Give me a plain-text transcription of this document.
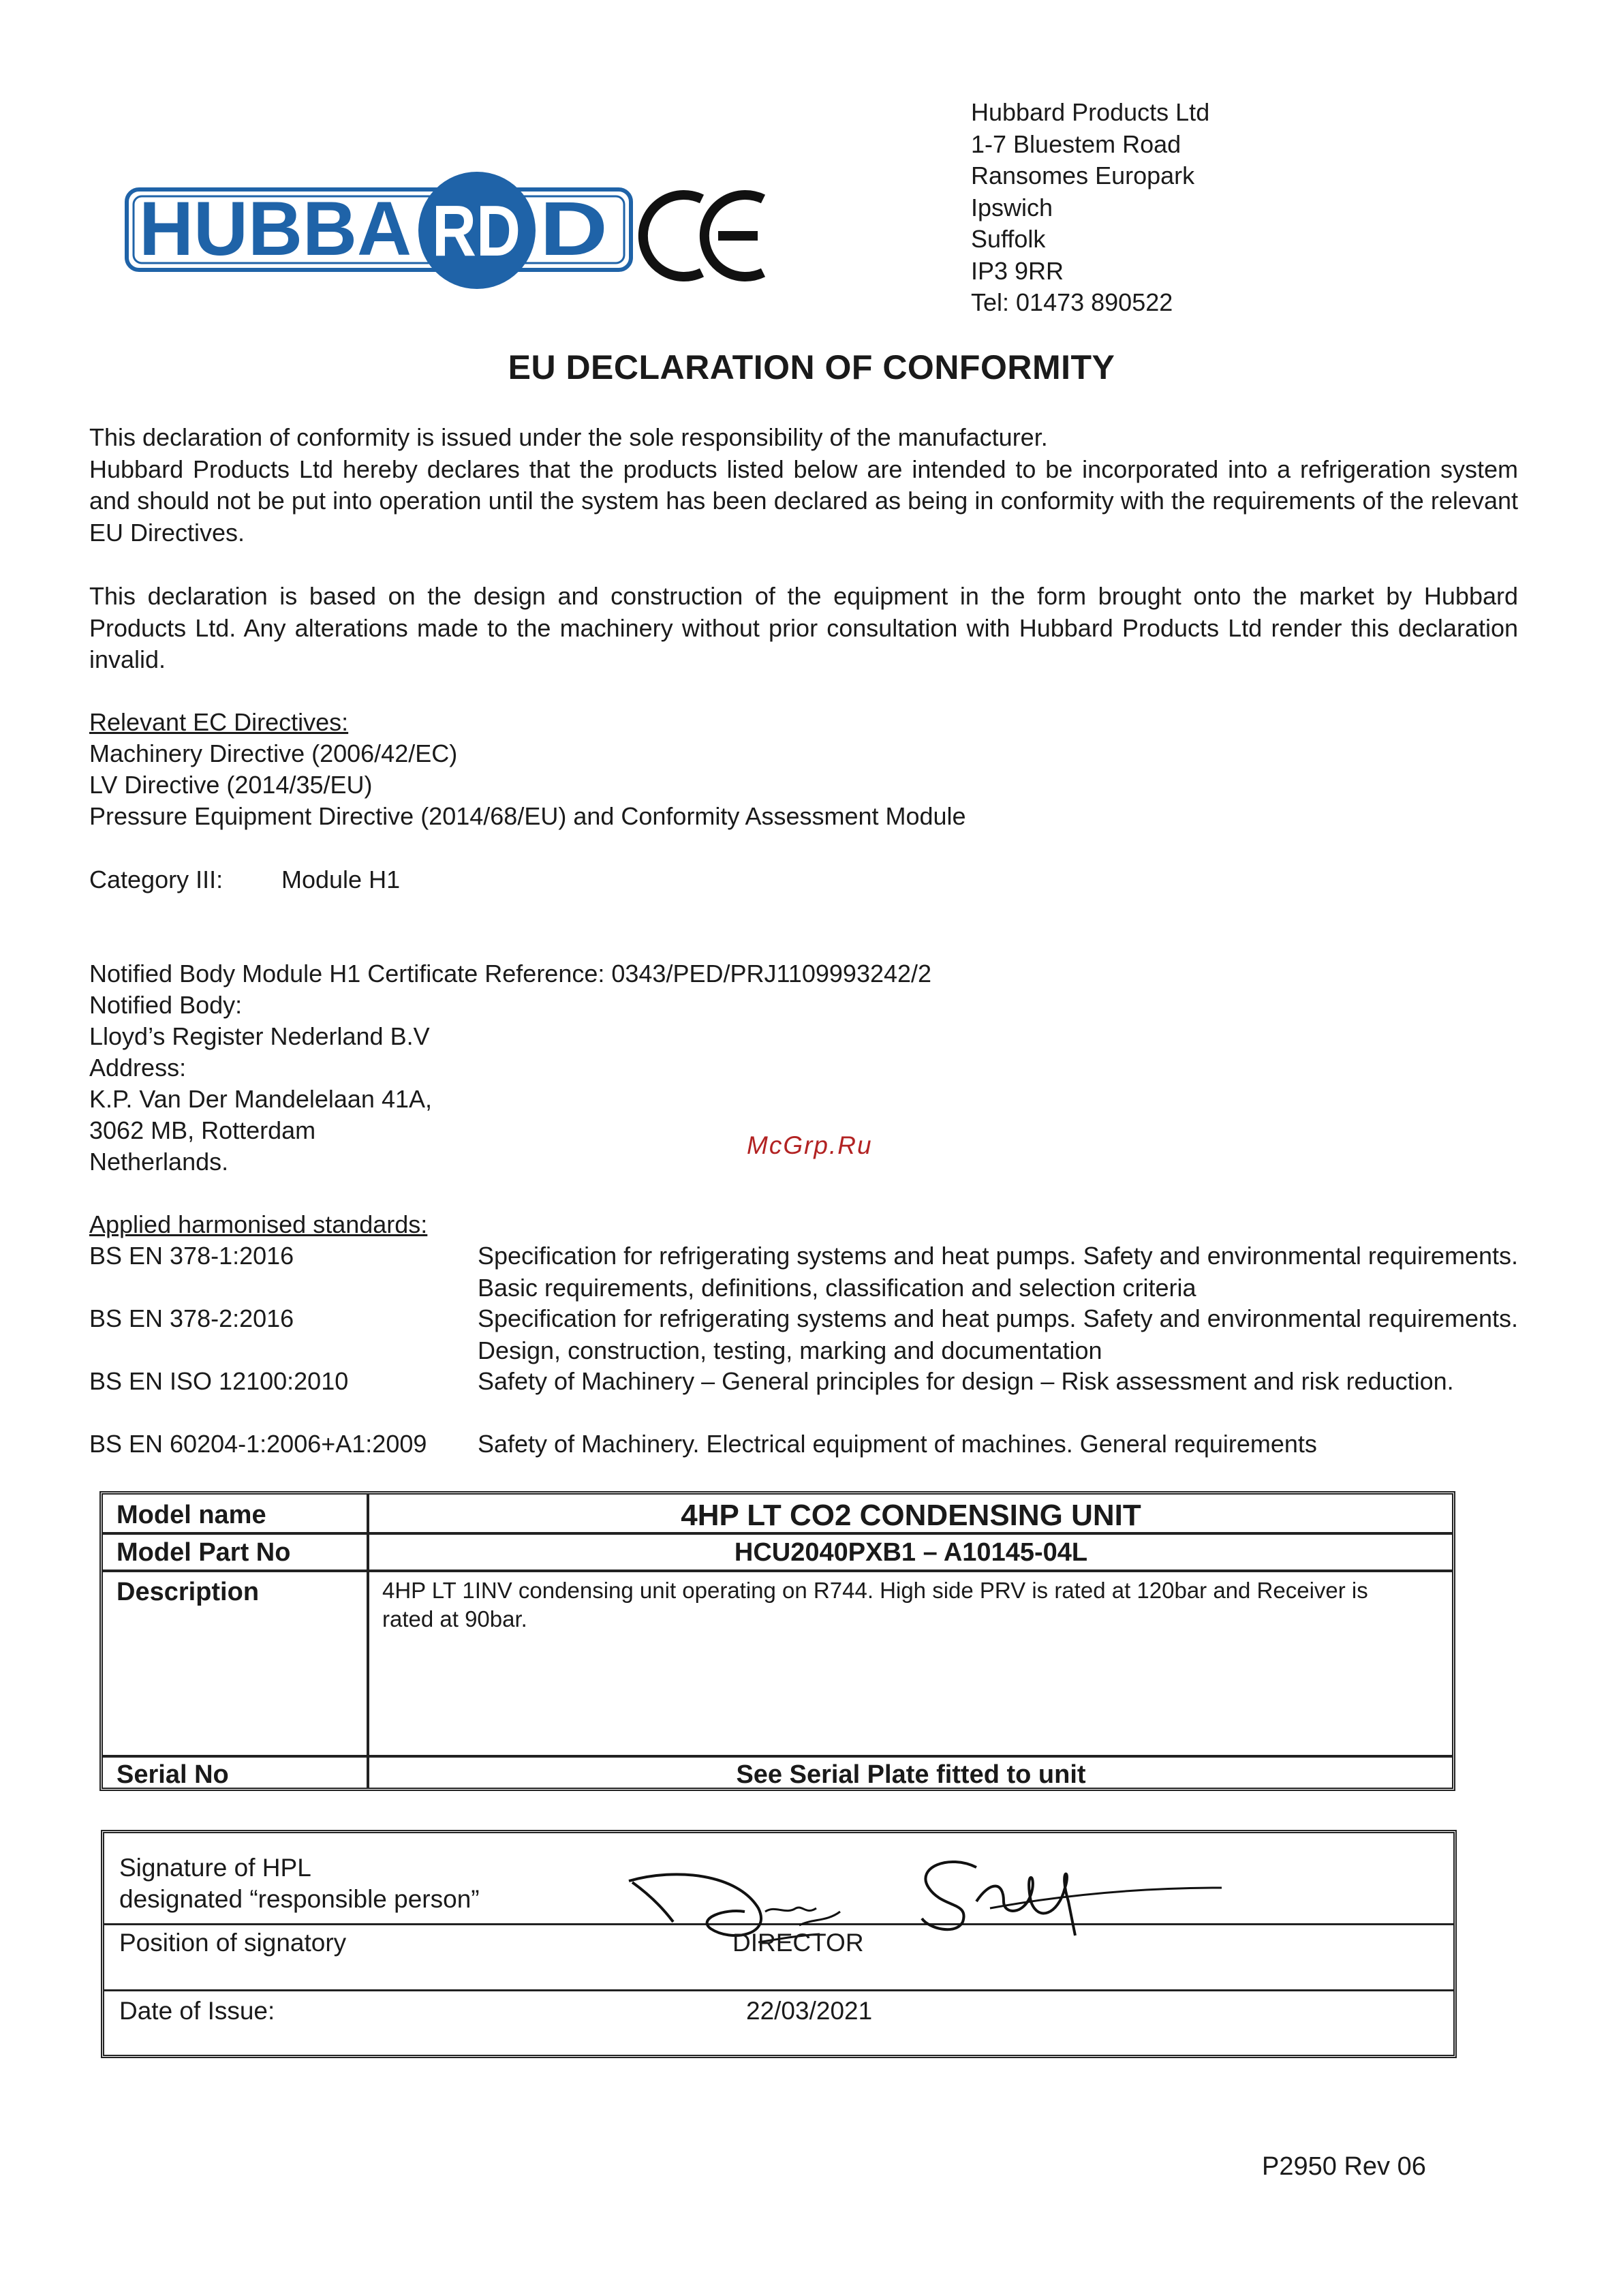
HUBBA RD D
Hubbard Products Ltd
1-7 Bluestem Road
Ransomes Europark
Ipswich
Suffolk
IP3 9RR
Tel: 01473 890522
EU DECLARATION OF CONFORMITY
This declaration of conformity is issued under the sole responsibility of the manufacturer.
Hubbard Products Ltd hereby declares that the products listed below are intended to be incorporated into a refrigeration system and should not be put into operation until the system has been declared as being in conformity with the requirements of the relevant EU Directives.
This declaration is based on the design and construction of the equipment in the form brought onto the market by Hubbard Products Ltd. Any alterations made to the machinery without prior consultation with Hubbard Products Ltd render this declaration invalid.
Relevant EC Directives:
Machinery Directive (2006/42/EC)
LV Directive (2014/35/EU)
Pressure Equipment Directive (2014/68/EU) and Conformity Assessment Module
Category III: Module H1
Notified Body Module H1 Certificate Reference: 0343/PED/PRJ1109993242/2
Notified Body:
Lloyd’s Register Nederland B.V
Address:
K.P. Van Der Mandelelaan 41A,
3062 MB, Rotterdam
Netherlands.
McGrp.Ru
Applied harmonised standards:
BS EN 378-1:2016	Specification for refrigerating systems and heat pumps. Safety and environmental requirements. Basic requirements, definitions, classification and selection criteria
BS EN 378-2:2016	Specification for refrigerating systems and heat pumps. Safety and environmental requirements. Design, construction, testing, marking and documentation
BS EN ISO 12100:2010	Safety of Machinery – General principles for design – Risk assessment and risk reduction.
BS EN 60204-1:2006+A1:2009 Safety of Machinery. Electrical equipment of machines. General requirements
Model name	4HP LT CO2 CONDENSING UNIT
Model Part No	HCU2040PXB1 – A10145-04L
Description	4HP LT 1INV condensing unit operating on R744. High side PRV is rated at 120bar and Receiver is rated at 90bar.
Serial No	See Serial Plate fitted to unit
Signature of HPL
designated “responsible person”
Position of signatory	DIRECTOR
Date of Issue:	22/03/2021
P2950 Rev 06
